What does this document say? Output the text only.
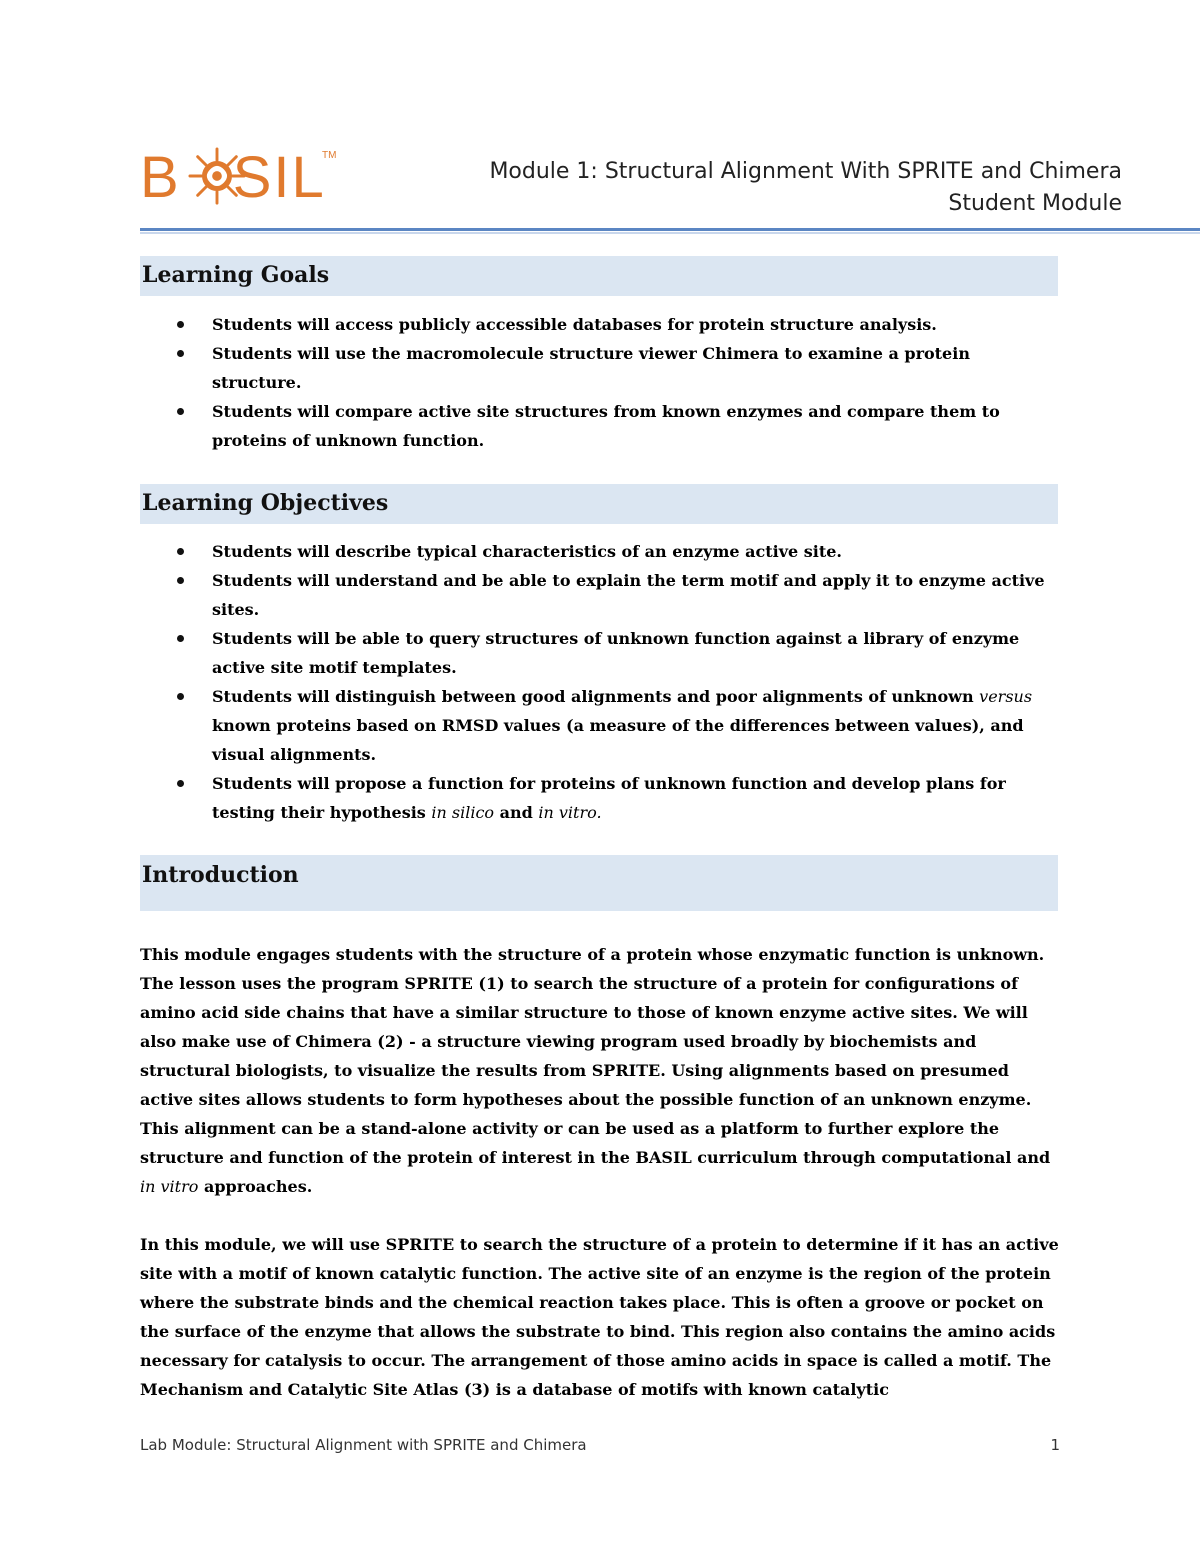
B SIL
TM
Module 1: Structural Alignment With SPRITE and Chimera
Student Module
Learning Goals
Students will access publicly accessible databases for protein structure analysis.
Students will use the macromolecule structure viewer Chimera to examine a protein structure.
Students will compare active site structures from known enzymes and compare them to proteins of unknown function.
Learning Objectives
Students will describe typical characteristics of an enzyme active site.
Students will understand and be able to explain the term motif and apply it to enzyme active sites.
Students will be able to query structures of unknown function against a library of enzyme active site motif templates.
Students will distinguish between good alignments and poor alignments of unknown versus known proteins based on RMSD values (a measure of the differences between values), and visual alignments.
Students will propose a function for proteins of unknown function and develop plans for testing their hypothesis in silico and in vitro.
Introduction

This module engages students with the structure of a protein whose enzymatic function is unknown. The lesson uses the program SPRITE (1) to search the structure of a protein for configurations of amino acid side chains that have a similar structure to those of known enzyme active sites. We will also make use of Chimera (2) - a structure viewing program used broadly by biochemists and structural biologists, to visualize the results from SPRITE. Using alignments based on presumed active sites allows students to form hypotheses about the possible function of an unknown enzyme. This alignment can be a stand-alone activity or can be used as a platform to further explore the structure and function of the protein of interest in the BASIL curriculum through computational and in vitro approaches.

In this module, we will use SPRITE to search the structure of a protein to determine if it has an active site with a motif of known catalytic function. The active site of an enzyme is the region of the protein where the substrate binds and the chemical reaction takes place. This is often a groove or pocket on the surface of the enzyme that allows the substrate to bind. This region also contains the amino acids necessary for catalysis to occur. The arrangement of those amino acids in space is called a motif. The Mechanism and Catalytic Site Atlas (3) is a database of motifs with known catalytic

Lab Module: Structural Alignment with SPRITE and Chimera	1
